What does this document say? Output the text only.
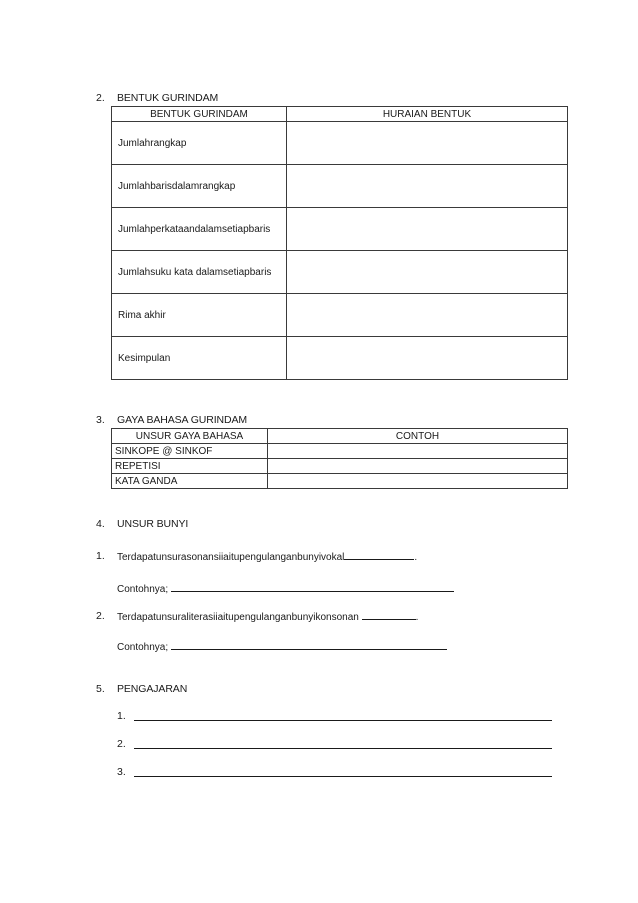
2. BENTUK GURINDAM
BENTUK GURINDAM	HURAIAN BENTUK
Jumlahrangkap	
Jumlahbarisdalamrangkap	
Jumlahperkataandalamsetiapbaris	
Jumlahsuku kata dalamsetiapbaris	
Rima akhir	
Kesimpulan	
3. GAYA BAHASA GURINDAM
UNSUR GAYA BAHASA	CONTOH
SINKOPE @ SINKOF	
REPETISI	
KATA GANDA	
4. UNSUR BUNYI
1. Terdapatunsurasonansiiaitupengulanganbunyivokal	.
Contohnya;
2. Terdapatunsuraliterasiiaitupengulanganbunyikonsonan	.
Contohnya;
5. PENGAJARAN
1.
2.
3.
